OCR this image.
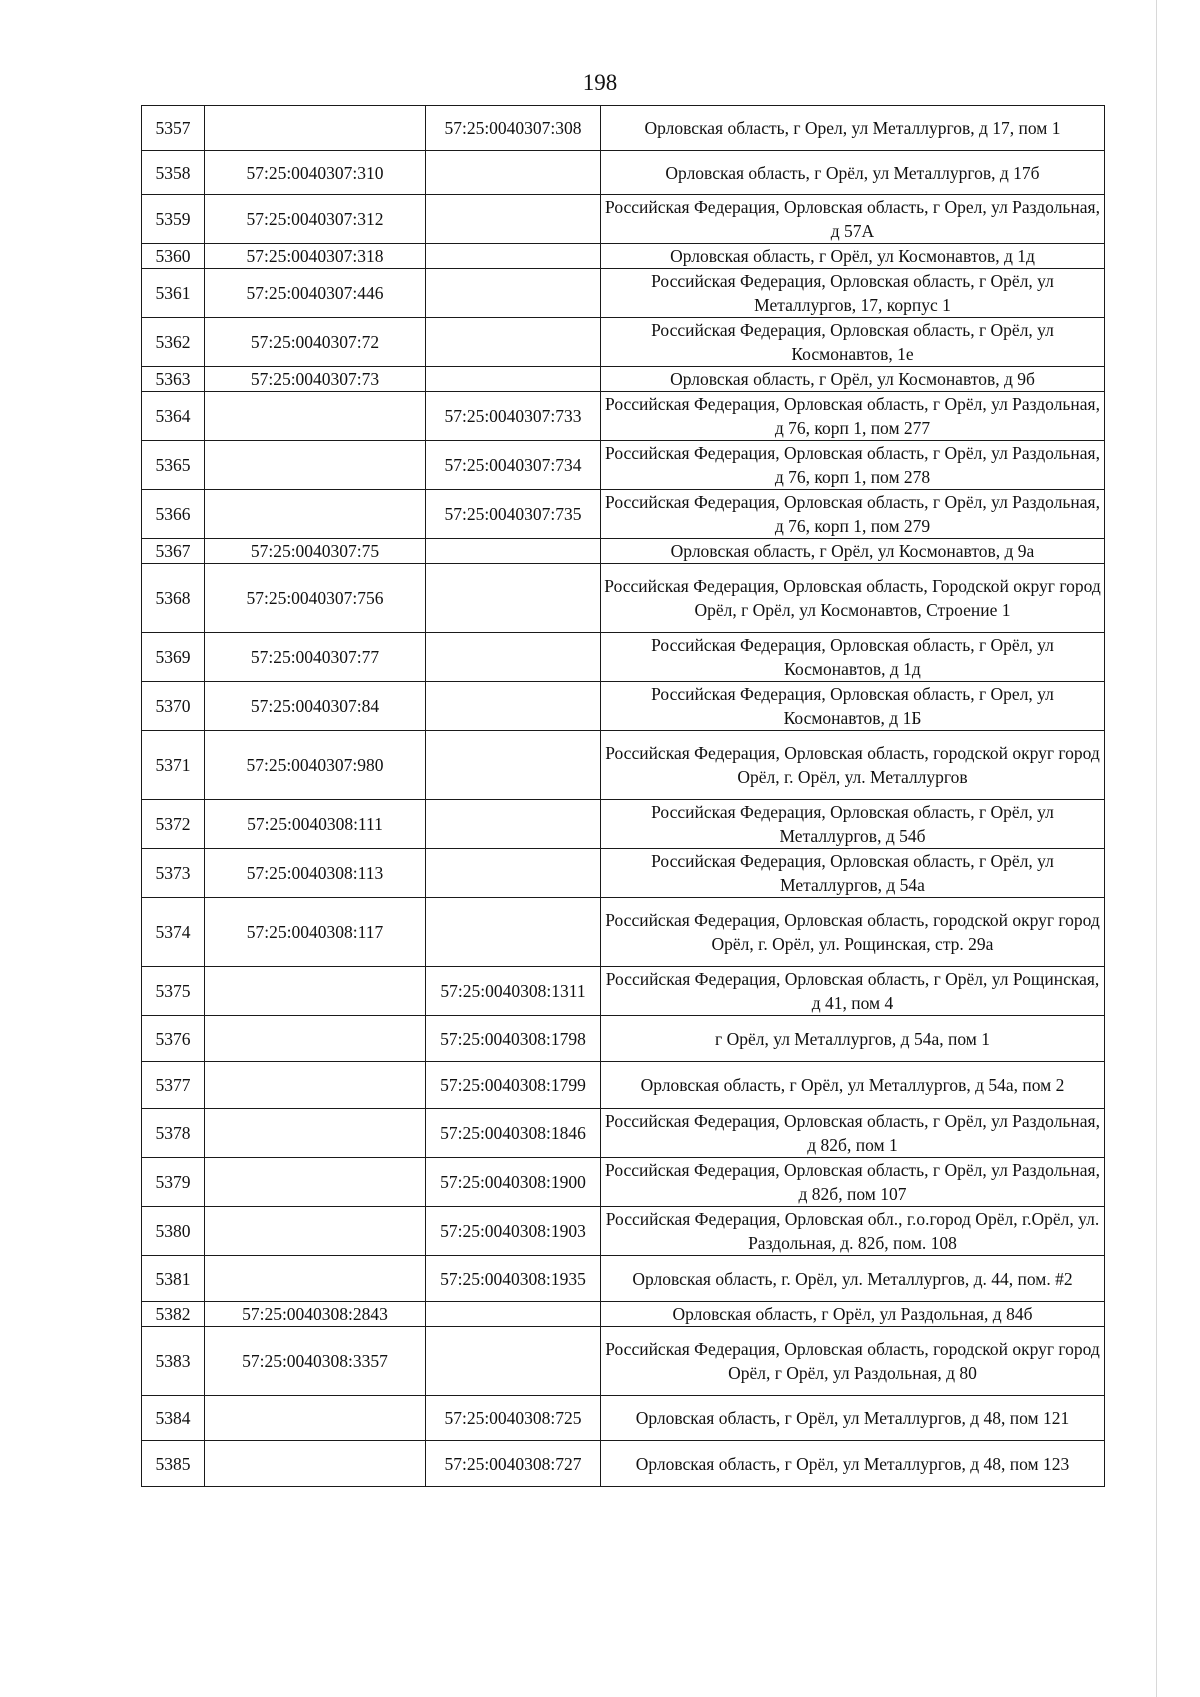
198
5357		57:25:0040307:308	Орловская область, г Орел, ул Металлургов, д 17, пом 1
5358	57:25:0040307:310		Орловская область, г Орёл, ул Металлургов, д 17б
5359	57:25:0040307:312		Российская Федерация, Орловская область, г Орел, ул Раздольная, д 57А
5360	57:25:0040307:318		Орловская область, г Орёл, ул Космонавтов, д 1д
5361	57:25:0040307:446		Российская Федерация, Орловская область, г Орёл, ул Металлургов, 17, корпус 1
5362	57:25:0040307:72		Российская Федерация, Орловская область, г Орёл, ул Космонавтов, 1е
5363	57:25:0040307:73		Орловская область, г Орёл, ул Космонавтов, д 9б
5364		57:25:0040307:733	Российская Федерация, Орловская область, г Орёл, ул Раздольная, д 76, корп 1, пом 277
5365		57:25:0040307:734	Российская Федерация, Орловская область, г Орёл, ул Раздольная, д 76, корп 1, пом 278
5366		57:25:0040307:735	Российская Федерация, Орловская область, г Орёл, ул Раздольная, д 76, корп 1, пом 279
5367	57:25:0040307:75		Орловская область, г Орёл, ул Космонавтов, д 9а
5368	57:25:0040307:756		Российская Федерация, Орловская область, Городской округ город Орёл, г Орёл, ул Космонавтов, Строение 1
5369	57:25:0040307:77		Российская Федерация, Орловская область, г Орёл, ул Космонавтов, д 1д
5370	57:25:0040307:84		Российская Федерация, Орловская область, г Орел, ул Космонавтов, д 1Б
5371	57:25:0040307:980		Российская Федерация, Орловская область, городской округ город Орёл, г. Орёл, ул. Металлургов
5372	57:25:0040308:111		Российская Федерация, Орловская область, г Орёл, ул Металлургов, д 54б
5373	57:25:0040308:113		Российская Федерация, Орловская область, г Орёл, ул Металлургов, д 54а
5374	57:25:0040308:117		Российская Федерация, Орловская область, городской округ город Орёл, г. Орёл, ул. Рощинская, стр. 29а
5375		57:25:0040308:1311	Российская Федерация, Орловская область, г Орёл, ул Рощинская, д 41, пом 4
5376		57:25:0040308:1798	г Орёл, ул Металлургов, д 54а, пом 1
5377		57:25:0040308:1799	Орловская область, г Орёл, ул Металлургов, д 54а, пом 2
5378		57:25:0040308:1846	Российская Федерация, Орловская область, г Орёл, ул Раздольная, д 82б, пом 1
5379		57:25:0040308:1900	Российская Федерация, Орловская область, г Орёл, ул Раздольная, д 82б, пом 107
5380		57:25:0040308:1903	Российская Федерация, Орловская обл., г.о.город Орёл, г.Орёл, ул. Раздольная, д. 82б, пом. 108
5381		57:25:0040308:1935	Орловская область, г. Орёл, ул. Металлургов, д. 44, пом. #2
5382	57:25:0040308:2843		Орловская область, г Орёл, ул Раздольная, д 84б
5383	57:25:0040308:3357		Российская Федерация, Орловская область, городской округ город Орёл, г Орёл, ул Раздольная, д 80
5384		57:25:0040308:725	Орловская область, г Орёл, ул Металлургов, д 48, пом 121
5385		57:25:0040308:727	Орловская область, г Орёл, ул Металлургов, д 48, пом 123
